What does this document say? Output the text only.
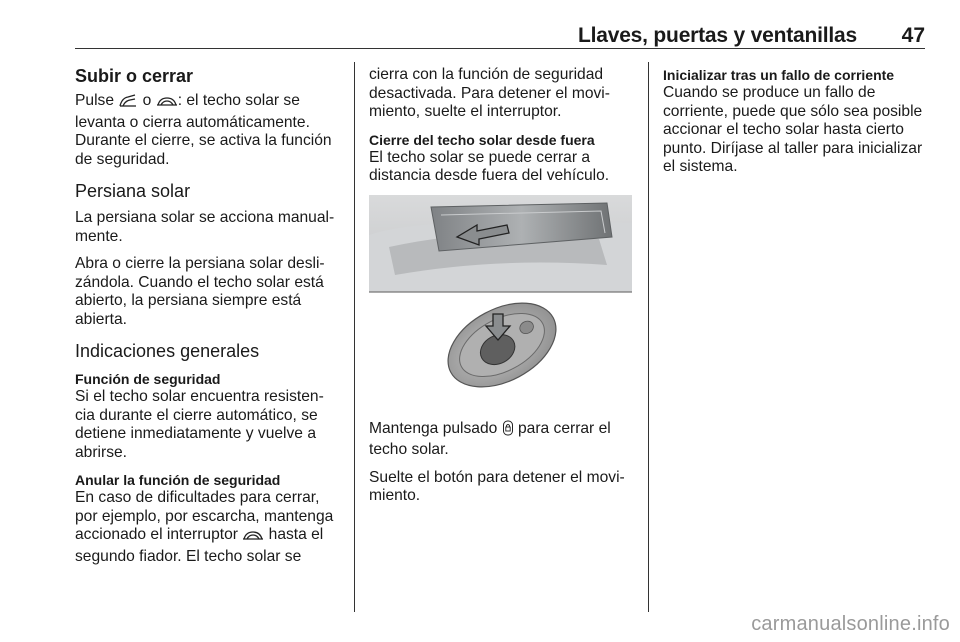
Llaves, puertas y ventanillas 47
Subir o cerrar

Pulse  o : el techo solar se levanta o cierra automáticamente. Durante el cierre, se activa la función de seguridad.

Persiana solar

La persiana solar se acciona manual-mente.

Abra o cierre la persiana solar desli-zándola. Cuando el techo solar está abierto, la persiana siempre está abierta.

Indicaciones generales
Función de seguridad

Si el techo solar encuentra resisten-cia durante el cierre automático, se detiene inmediatamente y vuelve a abrirse.

Anular la función de seguridad

En caso de dificultades para cerrar, por ejemplo, por escarcha, mantenga accionado el interruptor  hasta el segundo fiador. El techo solar se

cierra con la función de seguridad desactivada. Para detener el movi-miento, suelte el interruptor.

Cierre del techo solar desde fuera

El techo solar se puede cerrar a distancia desde fuera del vehículo.

Mantenga pulsado  para cerrar el techo solar.

Suelte el botón para detener el movi-miento.

Inicializar tras un fallo de corriente

Cuando se produce un fallo de corriente, puede que sólo sea posible accionar el techo solar hasta cierto punto. Diríjase al taller para inicializar el sistema.

carmanualsonline.info
